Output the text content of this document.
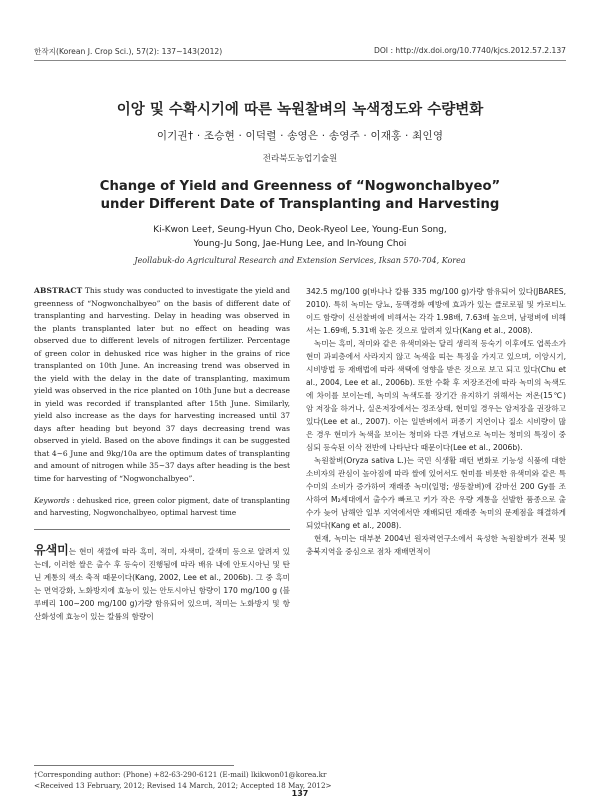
한작지(Korean J. Crop Sci.), 57(2): 137~143(2012)	DOI : http://dx.doi.org/10.7740/kjcs.2012.57.2.137
이앙 및 수확시기에 따른 녹원찰벼의 녹색정도와 수량변화
이기권† · 조승현 · 이덕렬 · 송영은 · 송영주 · 이재홍 · 최인영
전라북도농업기술원
Change of Yield and Greenness of “Nogwonchalbyeo”
under Different Date of Transplanting and Harvesting
Ki-Kwon Lee†, Seung-Hyun Cho, Deok-Ryeol Lee, Young-Eun Song,
Young-Ju Song, Jae-Hung Lee, and In-Young Choi
Jeollabuk-do Agricultural Research and Extension Services, Iksan 570-704, Korea

ABSTRACT This study was conducted to investigate the yield and greenness of “Nogwonchalbyeo” on the basis of different date of transplanting and harvesting. Delay in heading was observed in the plants transplanted later but no effect on heading was observed due to different levels of nitrogen fertilizer. Percentage of green color in dehusked rice was higher in the grains of rice transplanted on 10th June. An increasing trend was observed in the yield with the delay in the date of transplanting, maximum yield was observed in the rice planted on 10th June but a decrease in yield was recorded if transplanted after 15th June. Similarly, yield also increase as the days for harvesting increased until 37 days after heading but beyond 37 days decreasing trend was observed in yield. Based on the above findings it can be suggested that 4~6 June and 9kg/10a are the optimum dates of transplanting and amount of nitrogen while 35~37 days after heading is the best time for harvesting of “Nogwonchalbyeo”.

Keywords : dehusked rice, green color pigment, date of transplanting and harvesting, Nogwonchalbyeo, optimal harvest time

유색미는 현미 색깔에 따라 흑미, 적미, 자색미, 갈색미 등으로 알려져 있는데, 이러한 쌀은 출수 후 등숙이 진행됨에 따라 배유 내에 안토시아닌 및 탄닌 계통의 색소 축적 때문이다(Kang, 2002, Lee et al., 2006b). 그 중 흑미는 면역강화, 노화방지에 효능이 있는 안토시아닌 함량이 170 mg/100 g (블루베리 100~200 mg/100 g)가량 함유되어 있으며, 적미는 노화방지 및 항산화성에 효능이 있는 칼륨의 함량이

342.5 mg/100 g(바나나 칼륨 335 mg/100 g)가량 함유되어 있다(JBARES, 2010). 특히 녹미는 당뇨, 동맥경화 예방에 효과가 있는 클로로필 및 카로티노이드 함량이 신선찰벼에 비해서는 각각 1.98배, 7.63배 높으며, 남평벼에 비해서는 1.69배, 5.31배 높은 것으로 알려져 있다(Kang et al., 2008).

녹미는 흑미, 적미와 같은 유색미와는 달리 생리적 등숙기 이후에도 엽록소가 현미 과피층에서 사라지지 않고 녹색을 띠는 특징을 가지고 있으며, 이앙시기, 시비방법 등 재배법에 따라 색택에 영향을 받은 것으로 보고 되고 있다(Chu et al., 2004, Lee et al., 2006b). 또한 수확 후 저장조건에 따라 녹미의 녹색도에 차이를 보이는데, 녹미의 녹색도를 장기간 유지하기 위해서는 저온(15℃) 암 저장을 하거나, 실온저장에서는 정조상태, 현미일 경우는 암저장을 권장하고 있다(Lee et al., 2007). 이는 일반벼에서 퍼종기 지연이나 질소 시비량이 많은 경우 현미가 녹색을 보이는 청미와 다른 개념으로 녹미는 청미의 특징이 중심되 등숙된 이삭 전반에 나타난다 때문이다(Lee et al., 2006b).

녹원찰벼(Oryza sativa L.)는 국민 식생활 패턴 변화로 기능성 식품에 대한 소비자의 관심이 높아짐에 따라 쌀에 있어서도 현미를 비롯한 유색미와 같은 특수미의 소비가 증가하여 재래종 녹미(일명; 생동찰벼)에 감마선 200 Gy를 조사하여 M₂세대에서 출수가 빠르고 키가 작은 우량 계통을 선발한 품종으로 출수가 늦어 남해안 일부 지역에서만 재배되던 재래종 녹미의 문제점을 해결하게 되었다(Kang et al., 2008).

현재, 녹미는 대부분 2004년 원자력연구소에서 육성한 녹원찰벼가 전북 및 충북지역을 중심으로 점차 재배면적이

†Corresponding author: (Phone) +82-63-290-6121 (E-mail) lkikwon01@korea.kr
<Received 13 February, 2012; Revised 14 March, 2012; Accepted 18 May, 2012>
137
